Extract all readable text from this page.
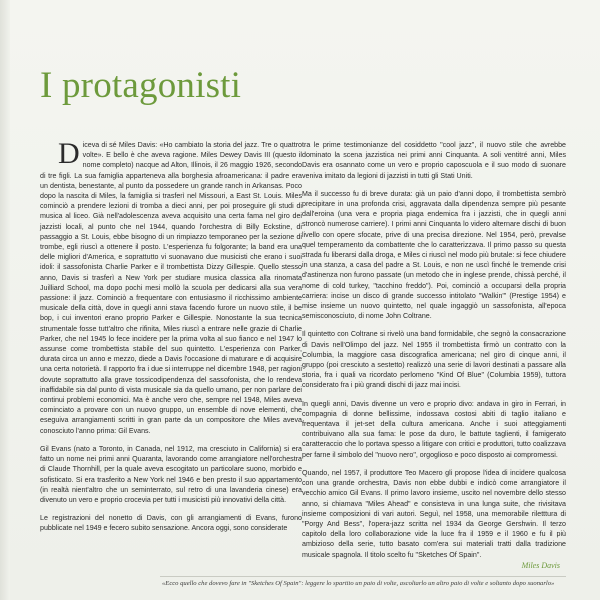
I protagonisti

Diceva di sé Miles Davis: «Ho cambiato la storia del jazz. Tre o quattro volte». E bello è che aveva ragione. Miles Dewey Davis III (questo il nome completo) nacque ad Alton, Illinois, il 26 maggio 1926, secondo di tre figli. La sua famiglia apparteneva alla borghesia afroamericana: il padre era un dentista, benestante, al punto da possedere un grande ranch in Arkansas. Poco dopo la nascita di Miles, la famiglia si trasferì nel Missouri, a East St. Louis. Miles cominciò a prendere lezioni di tromba a dieci anni, per poi proseguire gli studi di musica al liceo. Già nell'adolescenza aveva acquisito una certa fama nel giro dei jazzisti locali, al punto che nel 1944, quando l'orchestra di Billy Eckstine, di passaggio a St. Louis, ebbe bisogno di un rimpiazzo temporaneo per la sezione di trombe, egli riuscì a ottenere il posto. L'esperienza fu folgorante; la band era una delle migliori d'America, e soprattutto vi suonavano due musicisti che erano i suoi idoli: il sassofonista Charlie Parker e il trombettista Dizzy Gillespie. Quello stesso anno, Davis si trasferì a New York per studiare musica classica alla rinomata Juilliard School, ma dopo pochi mesi mollò la scuola per dedicarsi alla sua vera passione: il jazz. Cominciò a frequentare con entusiasmo il ricchissimo ambiente musicale della città, dove in quegli anni stava facendo furore un nuovo stile, il be bop, i cui inventori erano proprio Parker e Gillespie. Nonostante la sua tecnica strumentale fosse tutt'altro che rifinita, Miles riuscì a entrare nelle grazie di Charlie Parker, che nel 1945 lo fece incidere per la prima volta al suo fianco e nel 1947 lo assunse come trombettista stabile del suo quintetto. L'esperienza con Parker, durata circa un anno e mezzo, diede a Davis l'occasione di maturare e di acquisire una certa notorietà. Il rapporto fra i due si interruppe nel dicembre 1948, per ragioni dovute soprattutto alla grave tossicodipendenza del sassofonista, che lo rendeva inaffidabile sia dal punto di vista musicale sia da quello umano, per non parlare dei continui problemi economici. Ma è anche vero che, sempre nel 1948, Miles aveva cominciato a provare con un nuovo gruppo, un ensemble di nove elementi, che eseguiva arrangiamenti scritti in gran parte da un compositore che Miles aveva conosciuto l'anno prima: Gil Evans.

Gil Evans (nato a Toronto, in Canada, nel 1912, ma cresciuto in California) si era fatto un nome nei primi anni Quaranta, lavorando come arrangiatore nell'orchestra di Claude Thornhill, per la quale aveva escogitato un particolare suono, morbido e sofisticato. Si era trasferito a New York nel 1946 e ben presto il suo appartamento (in realtà nient'altro che un seminterrato, sul retro di una lavanderia cinese) era divenuto un vero e proprio crocevia per tutti i musicisti più innovativi della città.

Le registrazioni del nonetto di Davis, con gli arrangiamenti di Evans, furono pubblicate nel 1949 e fecero subito sensazione. Ancora oggi, sono considerate

tra le prime testimonianze del cosiddetto "cool jazz", il nuovo stile che avrebbe dominato la scena jazzistica nei primi anni Cinquanta. A soli ventitré anni, Miles Davis era osannato come un vero e proprio caposcuola e il suo modo di suonare veniva imitato da legioni di jazzisti in tutti gli Stati Uniti.

Ma il successo fu di breve durata: già un paio d'anni dopo, il trombettista sembrò precipitare in una profonda crisi, aggravata dalla dipendenza sempre più pesante dall'eroina (una vera e propria piaga endemica fra i jazzisti, che in quegli anni stroncò numerose carriere). I primi anni Cinquanta lo videro alternare dischi di buon livello con opere sfocate, prive di una precisa direzione. Nel 1954, però, prevalse quel temperamento da combattente che lo caratterizzava. Il primo passo su questa strada fu liberarsi dalla droga, e Miles ci riuscì nel modo più brutale: si fece chiudere in una stanza, a casa del padre a St. Louis, e non ne uscì finché le tremende crisi d'astinenza non furono passate (un metodo che in inglese prende, chissà perché, il nome di cold turkey, "tacchino freddo"). Poi, cominciò a occuparsi della propria carriera: incise un disco di grande successo intitolato "Walkin'" (Prestige 1954) e mise insieme un nuovo quintetto, nel quale ingaggiò un sassofonista, all'epoca semisconosciuto, di nome John Coltrane.

Il quintetto con Coltrane si rivelò una band formidabile, che segnò la consacrazione di Davis nell'Olimpo del jazz. Nel 1955 il trombettista firmò un contratto con la Columbia, la maggiore casa discografica americana; nel giro di cinque anni, il gruppo (poi cresciuto a sestetto) realizzò una serie di lavori destinati a passare alla storia, fra i quali va ricordato perlomeno "Kind Of Blue" (Columbia 1959), tuttora considerato fra i più grandi dischi di jazz mai incisi.

In quegli anni, Davis divenne un vero e proprio divo: andava in giro in Ferrari, in compagnia di donne bellissime, indossava costosi abiti di taglio italiano e frequentava il jet-set della cultura americana. Anche i suoi atteggiamenti contribuivano alla sua fama: le pose da duro, le battute taglienti, il famigerato caratteraccio che lo portava spesso a litigare con critici e produttori, tutto coalizzava per farne il simbolo del "nuovo nero", orgoglioso e poco disposto ai compromessi.

Quando, nel 1957, il produttore Teo Macero gli propose l'idea di incidere qualcosa con una grande orchestra, Davis non ebbe dubbi e indicò come arrangiatore il vecchio amico Gil Evans. Il primo lavoro insieme, uscito nel novembre dello stesso anno, si chiamava "Miles Ahead" e consisteva in una lunga suite, che rivisitava insieme composizioni di vari autori. Seguì, nel 1958, una memorabile riletttura di "Porgy And Bess", l'opera-jazz scritta nel 1934 da George Gershwin. Il terzo capitolo della loro collaborazione vide la luce fra il 1959 e il 1960 e fu il più ambizioso della serie, tutto basato com'era sui materiali tratti dalla tradizione musicale spagnola. Il titolo scelto fu "Sketches Of Spain".

Miles Davis
«Ecco quello che dovevo fare in "Sketches Of Spain": leggere lo spartito un paio di volte, ascoltarlo un altro paio di volte e soltanto dopo suonarlo»
